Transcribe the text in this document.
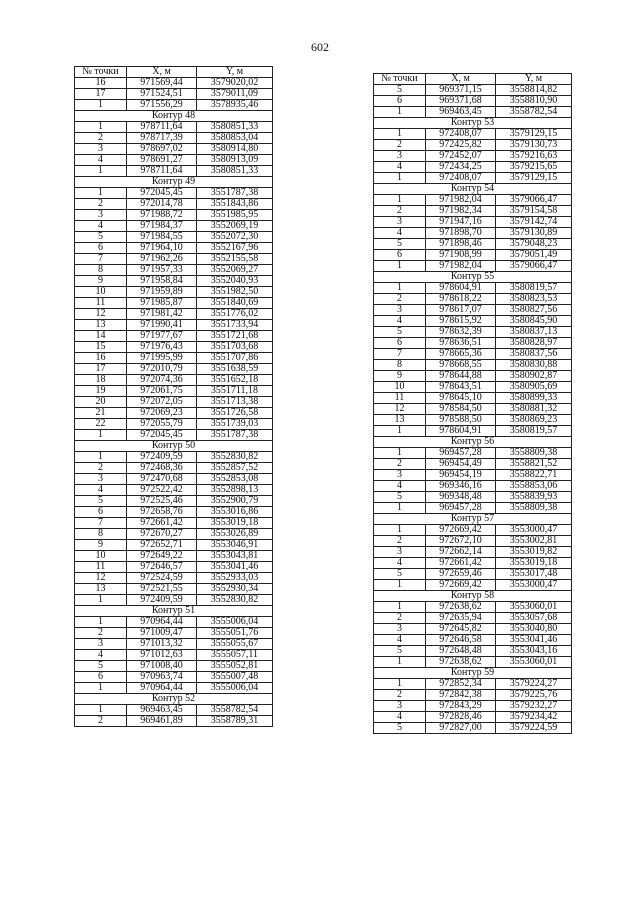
602
№ точки	X, м	Y, м
16	971569,44	3579020,02
17	971524,51	3579011,09
1	971556,29	3578935,46
Контур 48		
1	978711,64	3580851,33
2	978717,39	3580853,04
3	978697,02	3580914,80
4	978691,27	3580913,09
1	978711,64	3580851,33
Контур 49		
1	972045,45	3551787,38
2	972014,78	3551843,86
3	971988,72	3551985,95
4	971984,37	3552069,19
5	971984,55	3552072,30
6	971964,10	3552167,96
7	971962,26	3552155,58
8	971957,33	3552069,27
9	971958,84	3552040,93
10	971959,89	3551982,50
11	971985,87	3551840,69
12	971981,42	3551776,02
13	971990,41	3551733,94
14	971977,67	3551721,68
15	971976,43	3551703,68
16	971995,99	3551707,86
17	972010,79	3551638,59
18	972074,36	3551652,18
19	972061,75	3551711,18
20	972072,05	3551713,38
21	972069,23	3551726,58
22	972055,79	3551739,03
1	972045,45	3551787,38
Контур 50		
1	972409,59	3552830,82
2	972468,36	3552857,52
3	972470,68	3552853,08
4	972522,42	3552898,13
5	972525,46	3552900,79
6	972658,76	3553016,86
7	972661,42	3553019,18
8	972670,27	3553026,89
9	972652,71	3553046,91
10	972649,22	3553043,81
11	972646,57	3553041,46
12	972524,59	3552933,03
13	972521,55	3552930,34
1	972409,59	3552830,82
Контур 51		
1	970964,44	3555006,04
2	971009,47	3555051,76
3	971013,32	3555055,67
4	971012,63	3555057,11
5	971008,40	3555052,81
6	970963,74	3555007,48
1	970964,44	3555006,04
Контур 52		
1	969463,45	3558782,54
2	969461,89	3558789,31
№ точки	X, м	Y, м
5	969371,15	3558814,82
6	969371,68	3558810,90
1	969463,45	3558782,54
Контур 53		
1	972408,07	3579129,15
2	972425,82	3579130,73
3	972452,07	3579216,63
4	972434,25	3579215,65
1	972408,07	3579129,15
Контур 54		
1	971982,04	3579066,47
2	971982,34	3579154,58
3	971947,16	3579142,74
4	971898,70	3579130,89
5	971898,46	3579048,23
6	971908,99	3579051,49
1	971982,04	3579066,47
Контур 55		
1	978604,91	3580819,57
2	978618,22	3580823,53
3	978617,07	3580827,56
4	978615,92	3580845,90
5	978632,39	3580837,13
6	978636,51	3580828,97
7	978665,36	3580837,56
8	978668,55	3580830,88
9	978644,88	3580902,87
10	978643,51	3580905,69
11	978645,10	3580899,33
12	978584,50	3580881,32
13	978588,50	3580869,23
1	978604,91	3580819,57
Контур 56		
1	969457,28	3558809,38
2	969454,49	3558821,52
3	969454,19	3558822,71
4	969346,16	3558853,06
5	969348,48	3558839,93
1	969457,28	3558809,38
Контур 57		
1	972669,42	3553000,47
2	972672,10	3553002,81
3	972662,14	3553019,82
4	972661,42	3553019,18
5	972659,46	3553017,48
1	972669,42	3553000,47
Контур 58		
1	972638,62	3553060,01
2	972635,94	3553057,68
3	972645,82	3553040,80
4	972646,58	3553041,46
5	972648,48	3553043,16
1	972638,62	3553060,01
Контур 59		
1	972852,34	3579224,27
2	972842,38	3579225,76
3	972843,29	3579232,27
4	972828,46	3579234,42
5	972827,00	3579224,59
